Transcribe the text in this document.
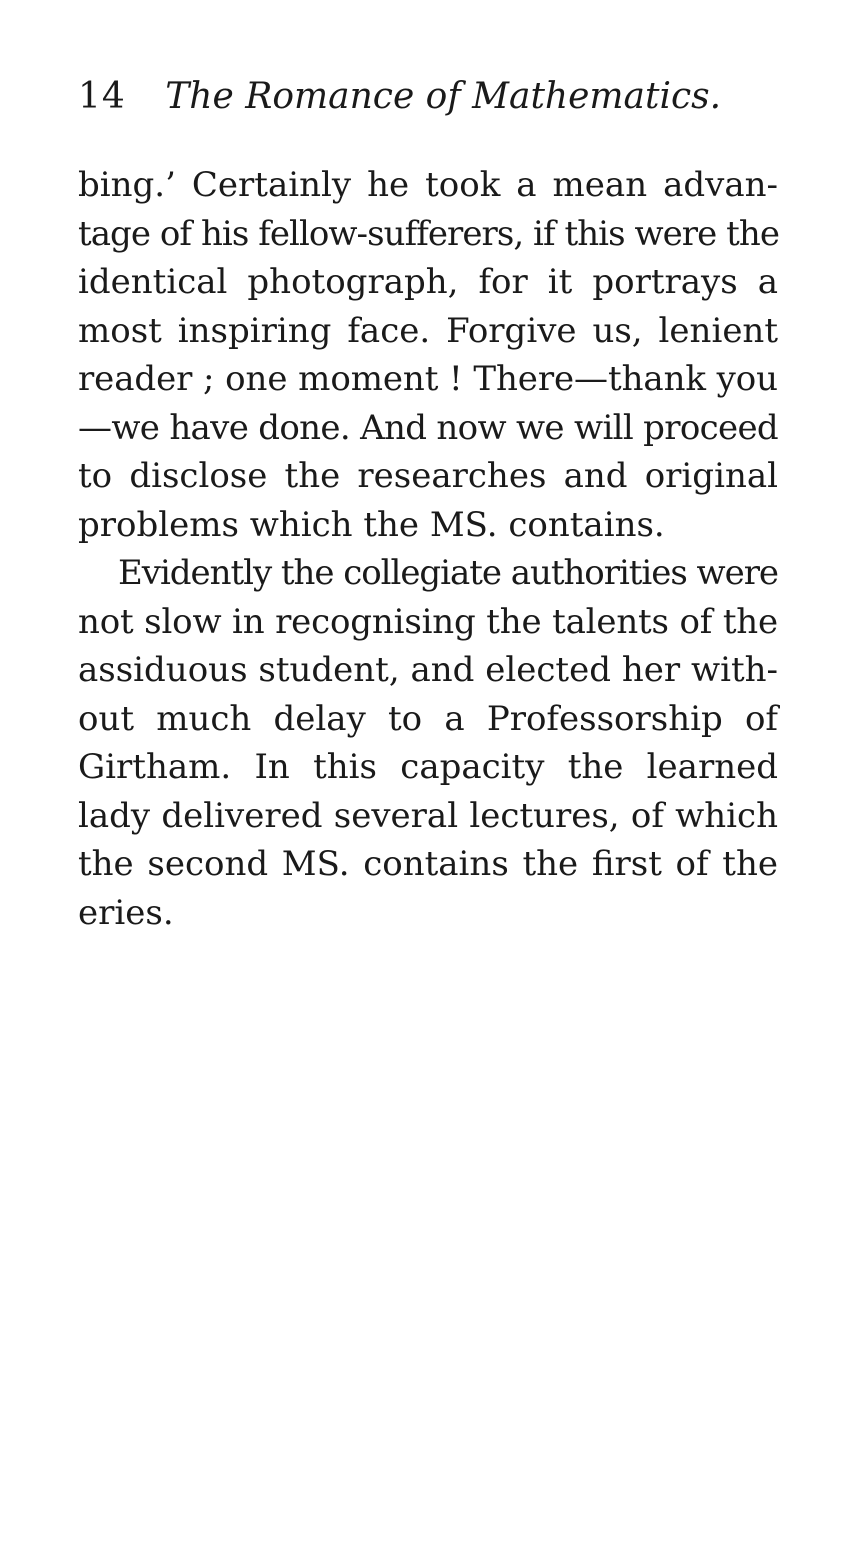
14 The Romance of Mathematics.
bing.’ Certainly he took a mean advan-
tage of his fellow-sufferers, if this were the
identical photograph, for it portrays a
most inspiring face. Forgive us, lenient
reader ; one moment ! There—thank you
—we have done. And now we will proceed
to disclose the researches and original
problems which the MS. contains.
Evidently the collegiate authorities were
not slow in recognising the talents of the
assiduous student, and elected her with-
out much delay to a Professorship of
Girtham. In this capacity the learned
lady delivered several lectures, of which
the second MS. contains the first of the
eries.
